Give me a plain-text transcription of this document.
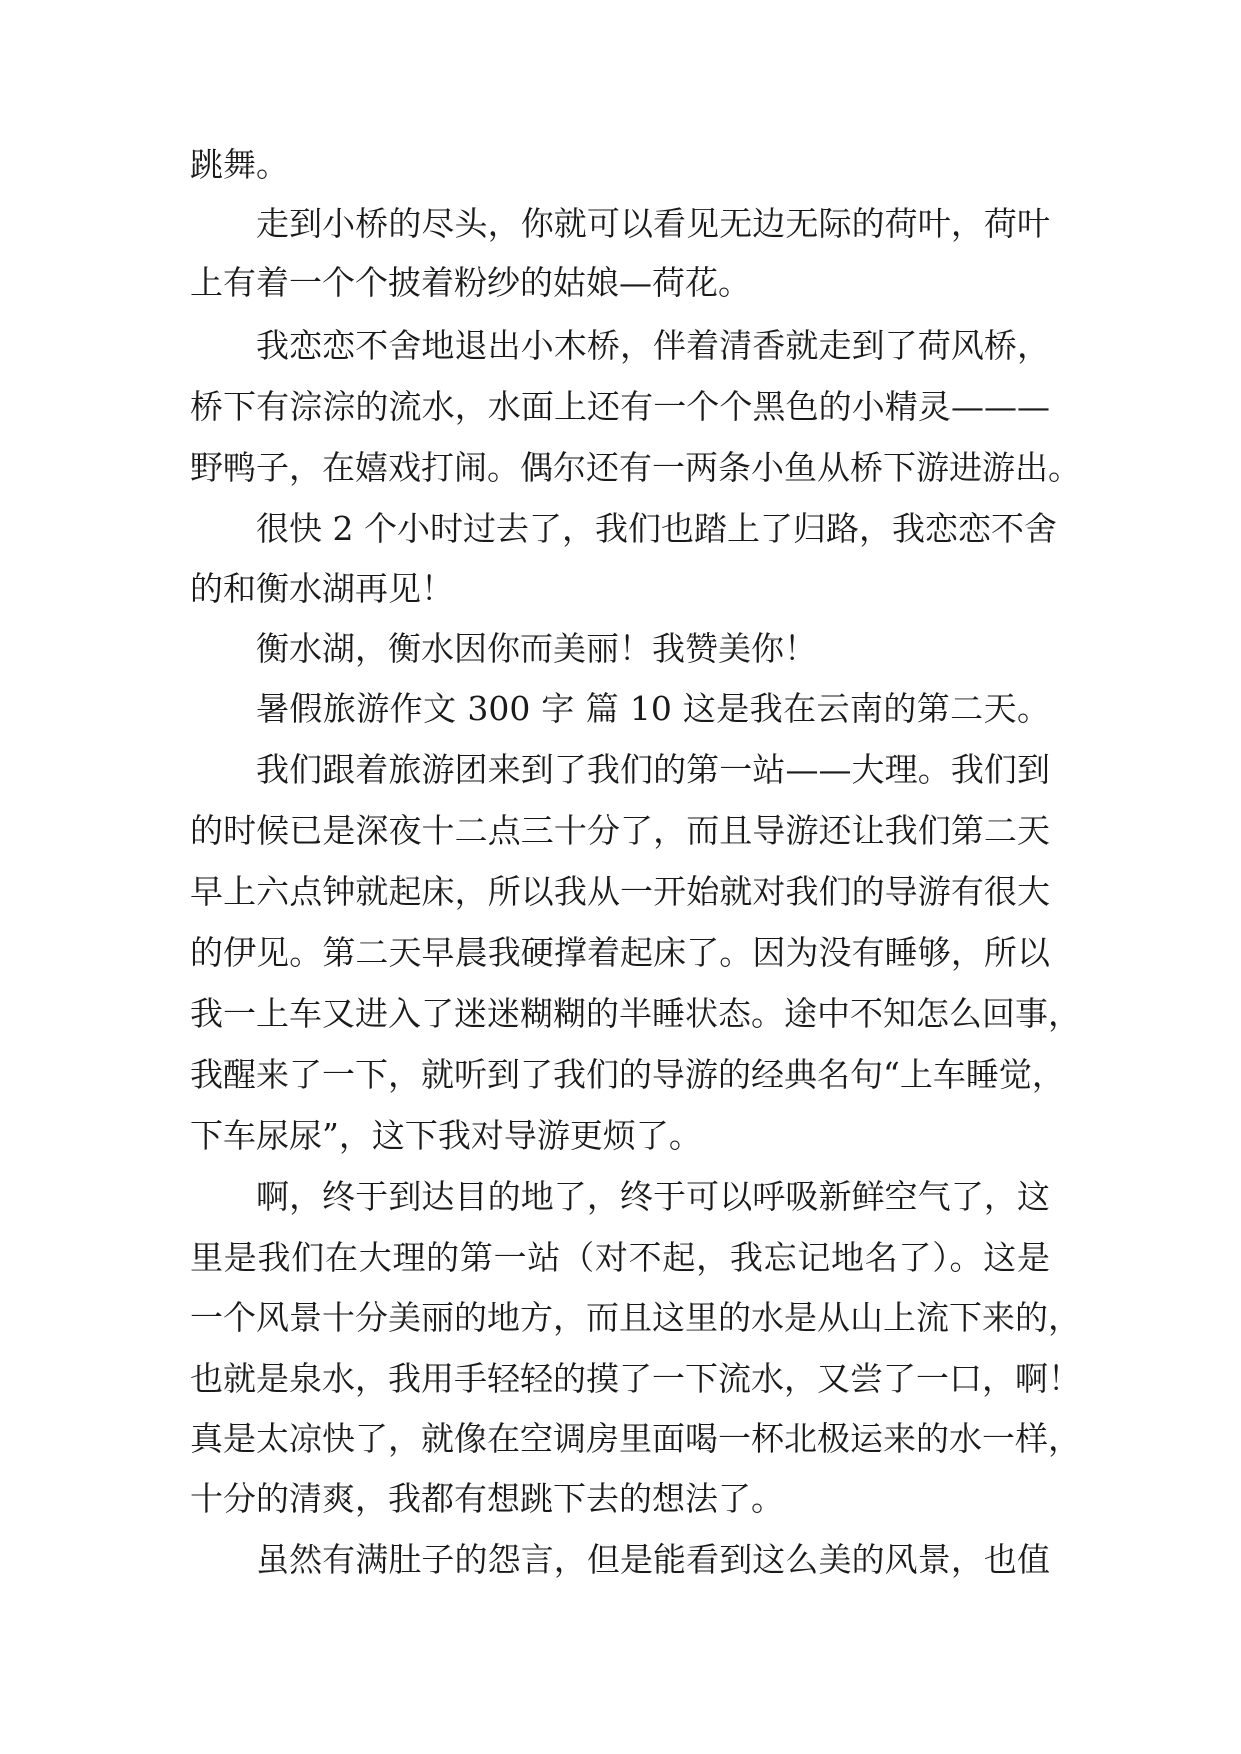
跳舞。

走到小桥的尽头，你就可以看见无边无际的荷叶，荷叶

上有着一个个披着粉纱的姑娘—荷花。

我恋恋不舍地退出小木桥，伴着清香就走到了荷风桥，

桥下有淙淙的流水，水面上还有一个个黑色的小精灵———

野鸭子，在嬉戏打闹。偶尔还有一两条小鱼从桥下游进游出。

很快 2 个小时过去了，我们也踏上了归路，我恋恋不舍

的和衡水湖再见！

衡水湖，衡水因你而美丽！我赞美你！

暑假旅游作文 300 字 篇 10 这是我在云南的第二天。

我们跟着旅游团来到了我们的第一站——大理。我们到

的时候已是深夜十二点三十分了，而且导游还让我们第二天

早上六点钟就起床，所以我从一开始就对我们的导游有很大

的伊见。第二天早晨我硬撑着起床了。因为没有睡够，所以

我一上车又进入了迷迷糊糊的半睡状态。途中不知怎么回事，

我醒来了一下，就听到了我们的导游的经典名句“上车睡觉，

下车尿尿”，这下我对导游更烦了。

啊，终于到达目的地了，终于可以呼吸新鲜空气了，这

里是我们在大理的第一站（对不起，我忘记地名了）。这是

一个风景十分美丽的地方，而且这里的水是从山上流下来的，

也就是泉水，我用手轻轻的摸了一下流水，又尝了一口，啊！

真是太凉快了，就像在空调房里面喝一杯北极运来的水一样，

十分的清爽，我都有想跳下去的想法了。

虽然有满肚子的怨言，但是能看到这么美的风景，也值
